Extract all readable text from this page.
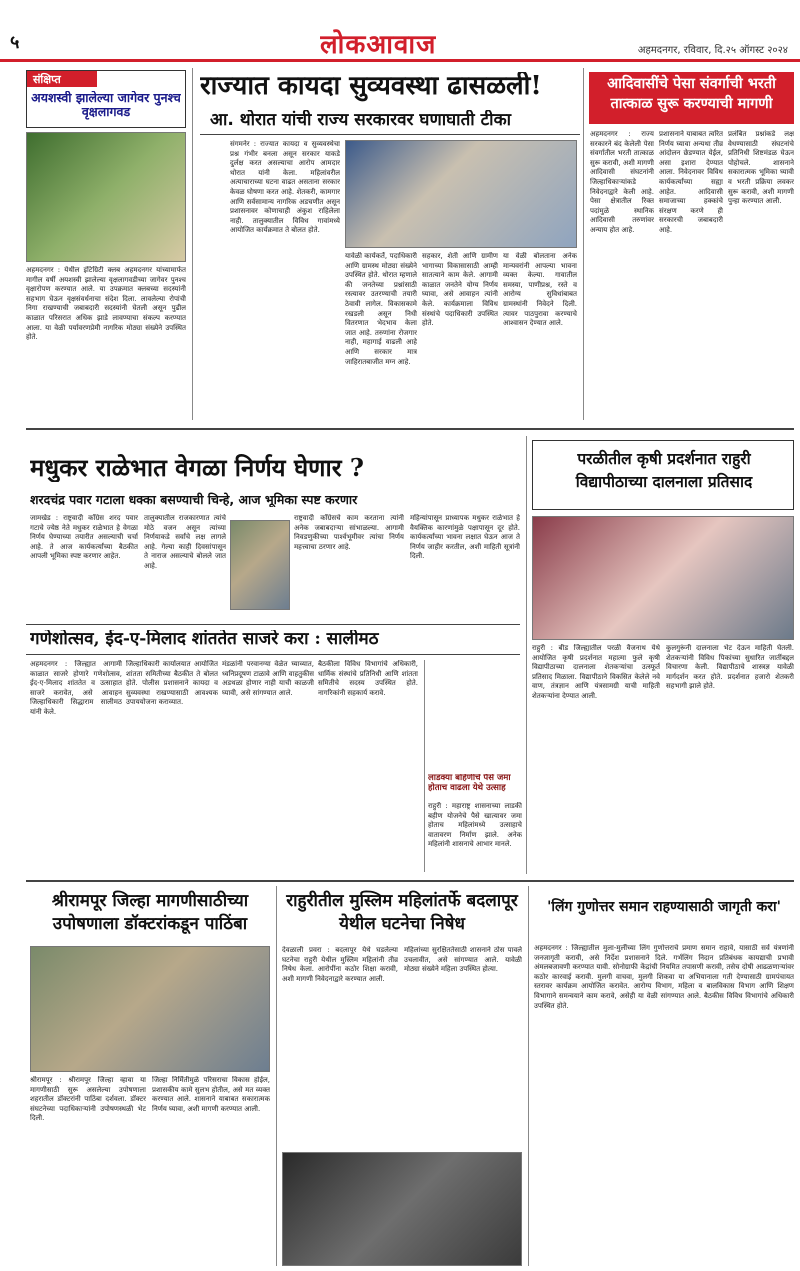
५	लोकआवाज	अहमदनगर, रविवार, दि.२५ ऑगस्ट २०२४
संक्षिप्त
अयशस्वी झालेल्या जागेवर पुनश्च वृक्षलागवड
अहमदनगर : येथील इंटिग्रिटी क्लब अहमदनगर यांच्यामार्फत मागील वर्षी अयशस्वी झालेल्या वृक्षलागवडीच्या जागेवर पुनश्च वृक्षारोपण करण्यात आले. या उपक्रमात क्लबच्या सदस्यांनी सहभाग घेऊन वृक्षसंवर्धनाचा संदेश दिला. लावलेल्या रोपांची निगा राखण्याची जबाबदारी सदस्यांनी घेतली असून पुढील काळात परिसरात अधिक झाडे लावण्याचा संकल्प करण्यात आला. या वेळी पर्यावरणप्रेमी नागरिक मोठ्या संख्येने उपस्थित होते.
राज्यात कायदा सुव्यवस्था ढासळली!
आ. थोरात यांची राज्य सरकारवर घणाघाती टीका
संगमनेर : राज्यात कायदा व सुव्यवस्थेचा प्रश्न गंभीर बनला असून सरकार याकडे दुर्लक्ष करत असल्याचा आरोप आमदार थोरात यांनी केला. महिलांवरील अत्याचाराच्या घटना वाढत असताना सरकार केवळ घोषणा करत आहे. शेतकरी, कामगार आणि सर्वसामान्य नागरिक अडचणीत असून प्रशासनावर कोणाचाही अंकुश राहिलेला नाही. तालुक्यातील विविध गावांमध्ये आयोजित कार्यक्रमात ते बोलत होते.
यावेळी कार्यकर्ते, पदाधिकारी आणि ग्रामस्थ मोठ्या संख्येने उपस्थित होते. थोरात म्हणाले की जनतेच्या प्रश्नांसाठी रस्त्यावर उतरण्याची तयारी ठेवावी लागेल. विकासकामे रखडली असून निधी वितरणात भेदभाव केला जात आहे. तरुणांना रोजगार नाही, महागाई वाढली आहे आणि सरकार मात्र जाहिरातबाजीत मग्न आहे.
सहकार, शेती आणि ग्रामीण भागाच्या विकासासाठी आम्ही सातत्याने काम केले. आगामी काळात जनतेने योग्य निर्णय घ्यावा, असे आवाहन त्यांनी केले. कार्यक्रमाला विविध संस्थांचे पदाधिकारी उपस्थित होते.
या वेळी बोलताना अनेक मान्यवरांनी आपल्या भावना व्यक्त केल्या. गावातील समस्या, पाणीप्रश्न, रस्ते व आरोग्य सुविधांबाबत ग्रामस्थांनी निवेदने दिली. त्यावर पाठपुरावा करण्याचे आश्वासन देण्यात आले.
आदिवासींचे पेसा संवर्गाची भरती तात्काळ सुरू करण्याची मागणी
अहमदनगर : राज्य सरकारने बंद केलेली पेसा संवर्गातील भरती तात्काळ सुरू करावी, अशी मागणी आदिवासी संघटनांनी जिल्हाधिकाऱ्यांकडे निवेदनाद्वारे केली आहे. पेसा क्षेत्रातील रिक्त पदांमुळे स्थानिक आदिवासी तरुणांवर अन्याय होत आहे.
प्रशासनाने याबाबत त्वरित निर्णय घ्यावा अन्यथा तीव्र आंदोलन छेडण्यात येईल, असा इशारा देण्यात आला. निवेदनावर विविध कार्यकर्त्यांच्या सह्या आहेत. आदिवासी समाजाच्या हक्कांचे संरक्षण करणे ही सरकारची जबाबदारी आहे.
प्रलंबित प्रश्नांकडे लक्ष वेधण्यासाठी संघटनांचे प्रतिनिधी शिष्टमंडळ घेऊन पोहोचले. शासनाने सकारात्मक भूमिका घ्यावी व भरती प्रक्रिया लवकर सुरू करावी, अशी मागणी पुन्हा करण्यात आली.
मधुकर राळेभात वेगळा निर्णय घेणार ?
शरदचंद्र पवार गटाला धक्का बसण्याची चिन्हे, आज भूमिका स्पष्ट करणार
जामखेड : राष्ट्रवादी काँग्रेस शरद पवार गटाचे ज्येष्ठ नेते मधुकर राळेभात हे वेगळा निर्णय घेण्याच्या तयारीत असल्याची चर्चा आहे. ते आज कार्यकर्त्यांच्या बैठकीत आपली भूमिका स्पष्ट करणार आहेत.
तालुक्यातील राजकारणात त्यांचे मोठे वजन असून त्यांच्या निर्णयाकडे सर्वांचे लक्ष लागले आहे. गेल्या काही दिवसांपासून ते नाराज असल्याचे बोलले जात आहे.
राष्ट्रवादी काँग्रेसचे काम करताना त्यांनी अनेक जबाबदाऱ्या सांभाळल्या. आगामी निवडणुकीच्या पार्श्वभूमीवर त्यांचा निर्णय महत्त्वाचा ठरणार आहे.
महिन्यांपासून प्राध्यापक मधुकर राळेभात हे वैयक्तिक कारणांमुळे पक्षापासून दूर होते. कार्यकर्त्यांच्या भावना लक्षात घेऊन आज ते निर्णय जाहीर करतील, अशी माहिती सूत्रांनी दिली.
परळीतील कृषी प्रदर्शनात राहुरी विद्यापीठाच्या दालनाला प्रतिसाद
राहुरी : बीड जिल्ह्यातील परळी वैजनाथ येथे आयोजित कृषी प्रदर्शनात महात्मा फुले कृषी विद्यापीठाच्या दालनाला शेतकऱ्यांचा उत्स्फूर्त प्रतिसाद मिळाला. विद्यापीठाने विकसित केलेले नवे वाण, तंत्रज्ञान आणि यंत्रसामग्री याची माहिती शेतकऱ्यांना देण्यात आली.
कुलगुरूंनी दालनाला भेट देऊन माहिती घेतली. शेतकऱ्यांनी विविध पिकांच्या सुधारित जातींबद्दल विचारणा केली. विद्यापीठाचे शास्त्रज्ञ यावेळी मार्गदर्शन करत होते. प्रदर्शनात हजारो शेतकरी सहभागी झाले होते.
गणेशोत्सव, ईद-ए-मिलाद शांततेत साजरे करा : सालीमठ
अहमदनगर : जिल्ह्यात आगामी काळात साजरे होणारे गणेशोत्सव, ईद-ए-मिलाद शांततेत व उत्साहात साजरे करावेत, असे आवाहन जिल्हाधिकारी सिद्धाराम सालीमठ यांनी केले.
जिल्हाधिकारी कार्यालयात आयोजित शांतता समितीच्या बैठकीत ते बोलत होते. पोलीस प्रशासनाने कायदा व सुव्यवस्था राखण्यासाठी आवश्यक उपाययोजना कराव्यात.
मंडळांनी परवानग्या वेळेत घ्याव्यात, ध्वनिप्रदूषण टाळावे आणि वाहतुकीस अडथळा होणार नाही याची काळजी घ्यावी, असे सांगण्यात आले.
बैठकीला विविध विभागांचे अधिकारी, धार्मिक संस्थांचे प्रतिनिधी आणि शांतता समितीचे सदस्य उपस्थित होते. नागरिकांनी सहकार्य करावे.
लाडक्या बहिणींचे पैसे जमा होताच वाढला येथे उत्साह
राहुरी : महाराष्ट्र शासनाच्या लाडकी बहीण योजनेचे पैसे खात्यावर जमा होताच महिलांमध्ये उत्साहाचे वातावरण निर्माण झाले. अनेक महिलांनी शासनाचे आभार मानले.
श्रीरामपूर जिल्हा मागणीसाठीच्या उपोषणाला डॉक्टरांकडून पाठिंबा
श्रीरामपूर : श्रीरामपूर जिल्हा व्हावा या मागणीसाठी सुरू असलेल्या उपोषणाला शहरातील डॉक्टरांनी पाठिंबा दर्शवला. डॉक्टर संघटनेच्या पदाधिकाऱ्यांनी उपोषणस्थळी भेट दिली.
जिल्हा निर्मितीमुळे परिसराचा विकास होईल, प्रशासकीय कामे सुलभ होतील, असे मत व्यक्त करण्यात आले. शासनाने याबाबत सकारात्मक निर्णय घ्यावा, अशी मागणी करण्यात आली.
राहुरीतील मुस्लिम महिलांतर्फे बदलापूर येथील घटनेचा निषेध
देवळाली प्रवरा : बदलापूर येथे घडलेल्या घटनेचा राहुरी येथील मुस्लिम महिलांनी तीव्र निषेध केला. आरोपींना कठोर शिक्षा करावी, अशी मागणी निवेदनाद्वारे करण्यात आली.
महिलांच्या सुरक्षिततेसाठी शासनाने ठोस पावले उचलावीत, असे सांगण्यात आले. यावेळी मोठ्या संख्येने महिला उपस्थित होत्या.
'लिंग गुणोत्तर समान राहण्यासाठी जागृती करा'
अहमदनगर : जिल्ह्यातील मुला-मुलींच्या लिंग गुणोत्तराचे प्रमाण समान राहावे, यासाठी सर्व यंत्रणांनी जनजागृती करावी, असे निर्देश प्रशासनाने दिले. गर्भलिंग निदान प्रतिबंधक कायद्याची प्रभावी अंमलबजावणी करण्यात यावी. सोनोग्राफी केंद्रांची नियमित तपासणी करावी, तसेच दोषी आढळणाऱ्यांवर कठोर कारवाई करावी. मुलगी वाचवा, मुलगी शिकवा या अभियानाला गती देण्यासाठी ग्रामपंचायत स्तरावर कार्यक्रम आयोजित करावेत. आरोग्य विभाग, महिला व बालविकास विभाग आणि शिक्षण विभागाने समन्वयाने काम करावे, असेही या वेळी सांगण्यात आले. बैठकीस विविध विभागांचे अधिकारी उपस्थित होते.
